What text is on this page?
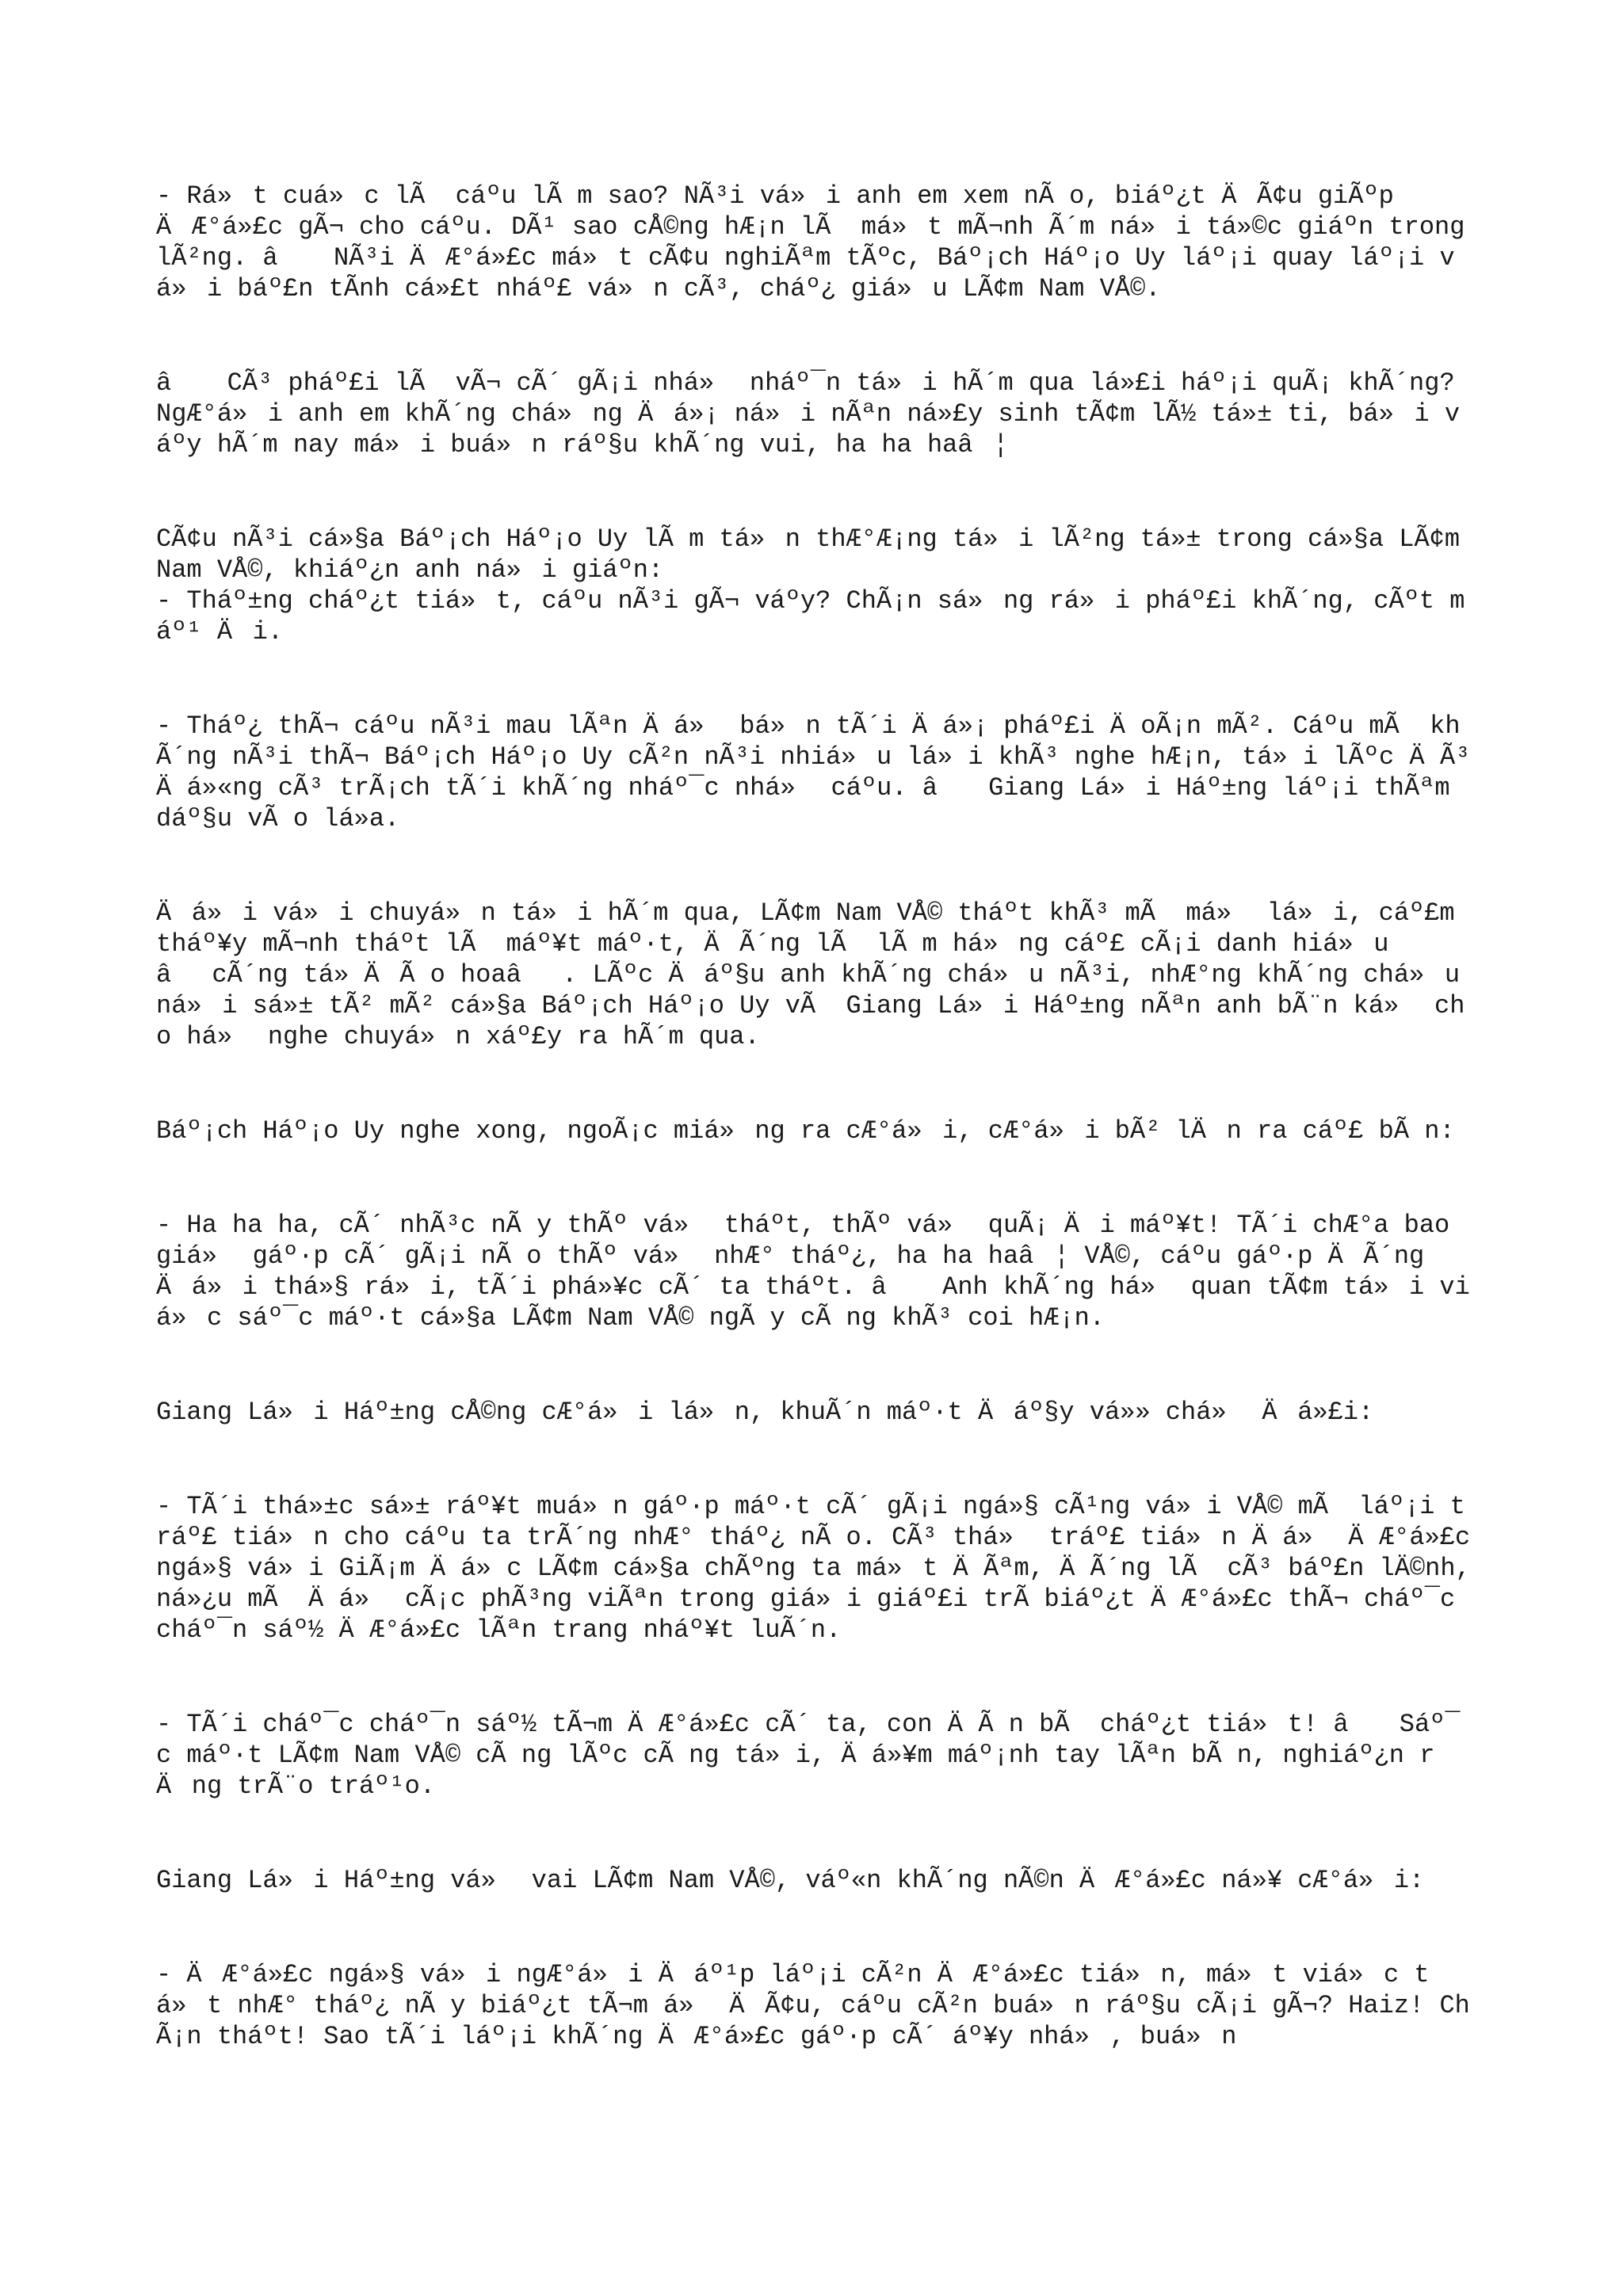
- Rá»t cuá»c lÃ  cáºu lÃ m sao? NÃ³i vá»i anh em xem nÃ o, biáº¿t ÄÃ¢u giÃºp ÄÆ°á»£c gÃ¬ cho cáºu. DÃ¹ sao cÅ©ng hÆ¡n lÃ  má»t mÃ¬nh Ã´m ná»i tá»©c giáºn trong lÃ²ng. â NÃ³i ÄÆ°á»£c má»t cÃ¢u nghiÃªm tÃºc, Báº¡ch Háº¡o Uy láº¡i quay láº¡i vá»i báº£n tÃnh cá»£t nháº£ vá»n cÃ³, cháº¿ giá»u LÃ¢m Nam VÅ©.

â CÃ³ pháº£i lÃ  vÃ¬ cÃ´ gÃ¡i nhá» nháº¯n tá»i hÃ´m qua lá»£i háº¡i quÃ¡ khÃ´ng? NgÆ°á»i anh em khÃ´ng chá»ng Äá»¡ ná»i nÃªn ná»£y sinh tÃ¢m lÃ½ tá»± ti, bá»i váºy hÃ´m nay má»i buá»n ráº§u khÃ´ng vui, ha ha haâ¦

CÃ¢u nÃ³i cá»§a Báº¡ch Háº¡o Uy lÃ m tá»n thÆ°Æ¡ng tá»i lÃ²ng tá»± trong cá»§a LÃ¢m Nam VÅ©, khiáº¿n anh ná»i giáºn:

- Tháº±ng cháº¿t tiá»t, cáºu nÃ³i gÃ¬ váºy? ChÃ¡n sá»ng rá»i pháº£i khÃ´ng, cÃºt máº¹ Äi.

- Tháº¿ thÃ¬ cáºu nÃ³i mau lÃªn Äá» bá»n tÃ´i Äá»¡ pháº£i ÄoÃ¡n mÃ². Cáºu mÃ  khÃ´ng nÃ³i thÃ¬ Báº¡ch Háº¡o Uy cÃ²n nÃ³i nhiá»u lá»i khÃ³ nghe hÆ¡n, tá»i lÃºc ÄÃ³ Äá»«ng cÃ³ trÃ¡ch tÃ´i khÃ´ng nháº¯c nhá» cáºu. â Giang Lá»i Háº±ng láº¡i thÃªm dáº§u vÃ o lá»a.

Äá»i vá»i chuyá»n tá»i hÃ´m qua, LÃ¢m Nam VÅ© tháºt khÃ³ mÃ  má» lá»i, cáº£m tháº¥y mÃ¬nh tháºt lÃ  máº¥t máº·t, ÄÃ´ng lÃ  lÃ m há»ng cáº£ cÃ¡i danh hiá»u âcÃ´ng tá» ÄÃ o hoaâ. LÃºc Äáº§u anh khÃ´ng chá»u nÃ³i, nhÆ°ng khÃ´ng chá»u ná»i sá»± tÃ² mÃ² cá»§a Báº¡ch Háº¡o Uy vÃ  Giang Lá»i Háº±ng nÃªn anh bÃ¨n ká» cho há» nghe chuyá»n xáº£y ra hÃ´m qua.

Báº¡ch Háº¡o Uy nghe xong, ngoÃ¡c miá»ng ra cÆ°á»i, cÆ°á»i bÃ² lÄn ra cáº£ bÃ n:

- Ha ha ha, cÃ´ nhÃ³c nÃ y thÃº vá» tháºt, thÃº vá» quÃ¡ Äi máº¥t! TÃ´i chÆ°a bao giá» gáº·p cÃ´ gÃ¡i nÃ o thÃº vá» nhÆ° tháº¿, ha ha haâ¦ VÅ©, cáºu gáº·p ÄÃ´ng Äá»i thá»§ rá»i, tÃ´i phá»¥c cÃ´ ta tháºt. â Anh khÃ´ng há» quan tÃ¢m tá»i viá»c sáº¯c máº·t cá»§a LÃ¢m Nam VÅ© ngÃ y cÃ ng khÃ³ coi hÆ¡n.

Giang Lá»i Háº±ng cÅ©ng cÆ°á»i lá»n, khuÃ´n máº·t Äáº§y vá»» chá» Äá»£i:

- TÃ´i thá»±c sá»± ráº¥t muá»n gáº·p máº·t cÃ´ gÃ¡i ngá»§ cÃ¹ng vá»i VÅ© mÃ  láº¡i tráº£ tiá»n cho cáºu ta trÃ´ng nhÆ° tháº¿ nÃ o. CÃ³ thá» tráº£ tiá»n Äá» ÄÆ°á»£c ngá»§ vá»i GiÃ¡m Äá»c LÃ¢m cá»§a chÃºng ta má»t ÄÃªm, ÄÃ´ng lÃ  cÃ³ báº£n lÄ©nh, ná»¿u mÃ  Äá» cÃ¡c phÃ³ng viÃªn trong giá»i giáº£i trÃ biáº¿t ÄÆ°á»£c thÃ¬ cháº¯c cháº¯n sáº½ ÄÆ°á»£c lÃªn trang nháº¥t luÃ´n.

- TÃ´i cháº¯c cháº¯n sáº½ tÃ¬m ÄÆ°á»£c cÃ´ ta, con ÄÃ n bÃ  cháº¿t tiá»t! â Sáº¯c máº·t LÃ¢m Nam VÅ© cÃ ng lÃºc cÃ ng tá»i, Äá»¥m máº¡nh tay lÃªn bÃ n, nghiáº¿n rÄng trÃ¨o tráº¹o.

Giang Lá»i Háº±ng vá» vai LÃ¢m Nam VÅ©, váº«n khÃ´ng nÃ©n ÄÆ°á»£c ná»¥ cÆ°á»i:

- ÄÆ°á»£c ngá»§ vá»i ngÆ°á»i Äáº¹p láº¡i cÃ²n ÄÆ°á»£c tiá»n, má»t viá»c tá»t nhÆ° tháº¿ nÃ y biáº¿t tÃ¬m á» ÄÃ¢u, cáºu cÃ²n buá»n ráº§u cÃ¡i gÃ¬? Haiz! ChÃ¡n tháºt! Sao tÃ´i láº¡i khÃ´ng ÄÆ°á»£c gáº·p cÃ´ áº¥y nhá», buá»n
